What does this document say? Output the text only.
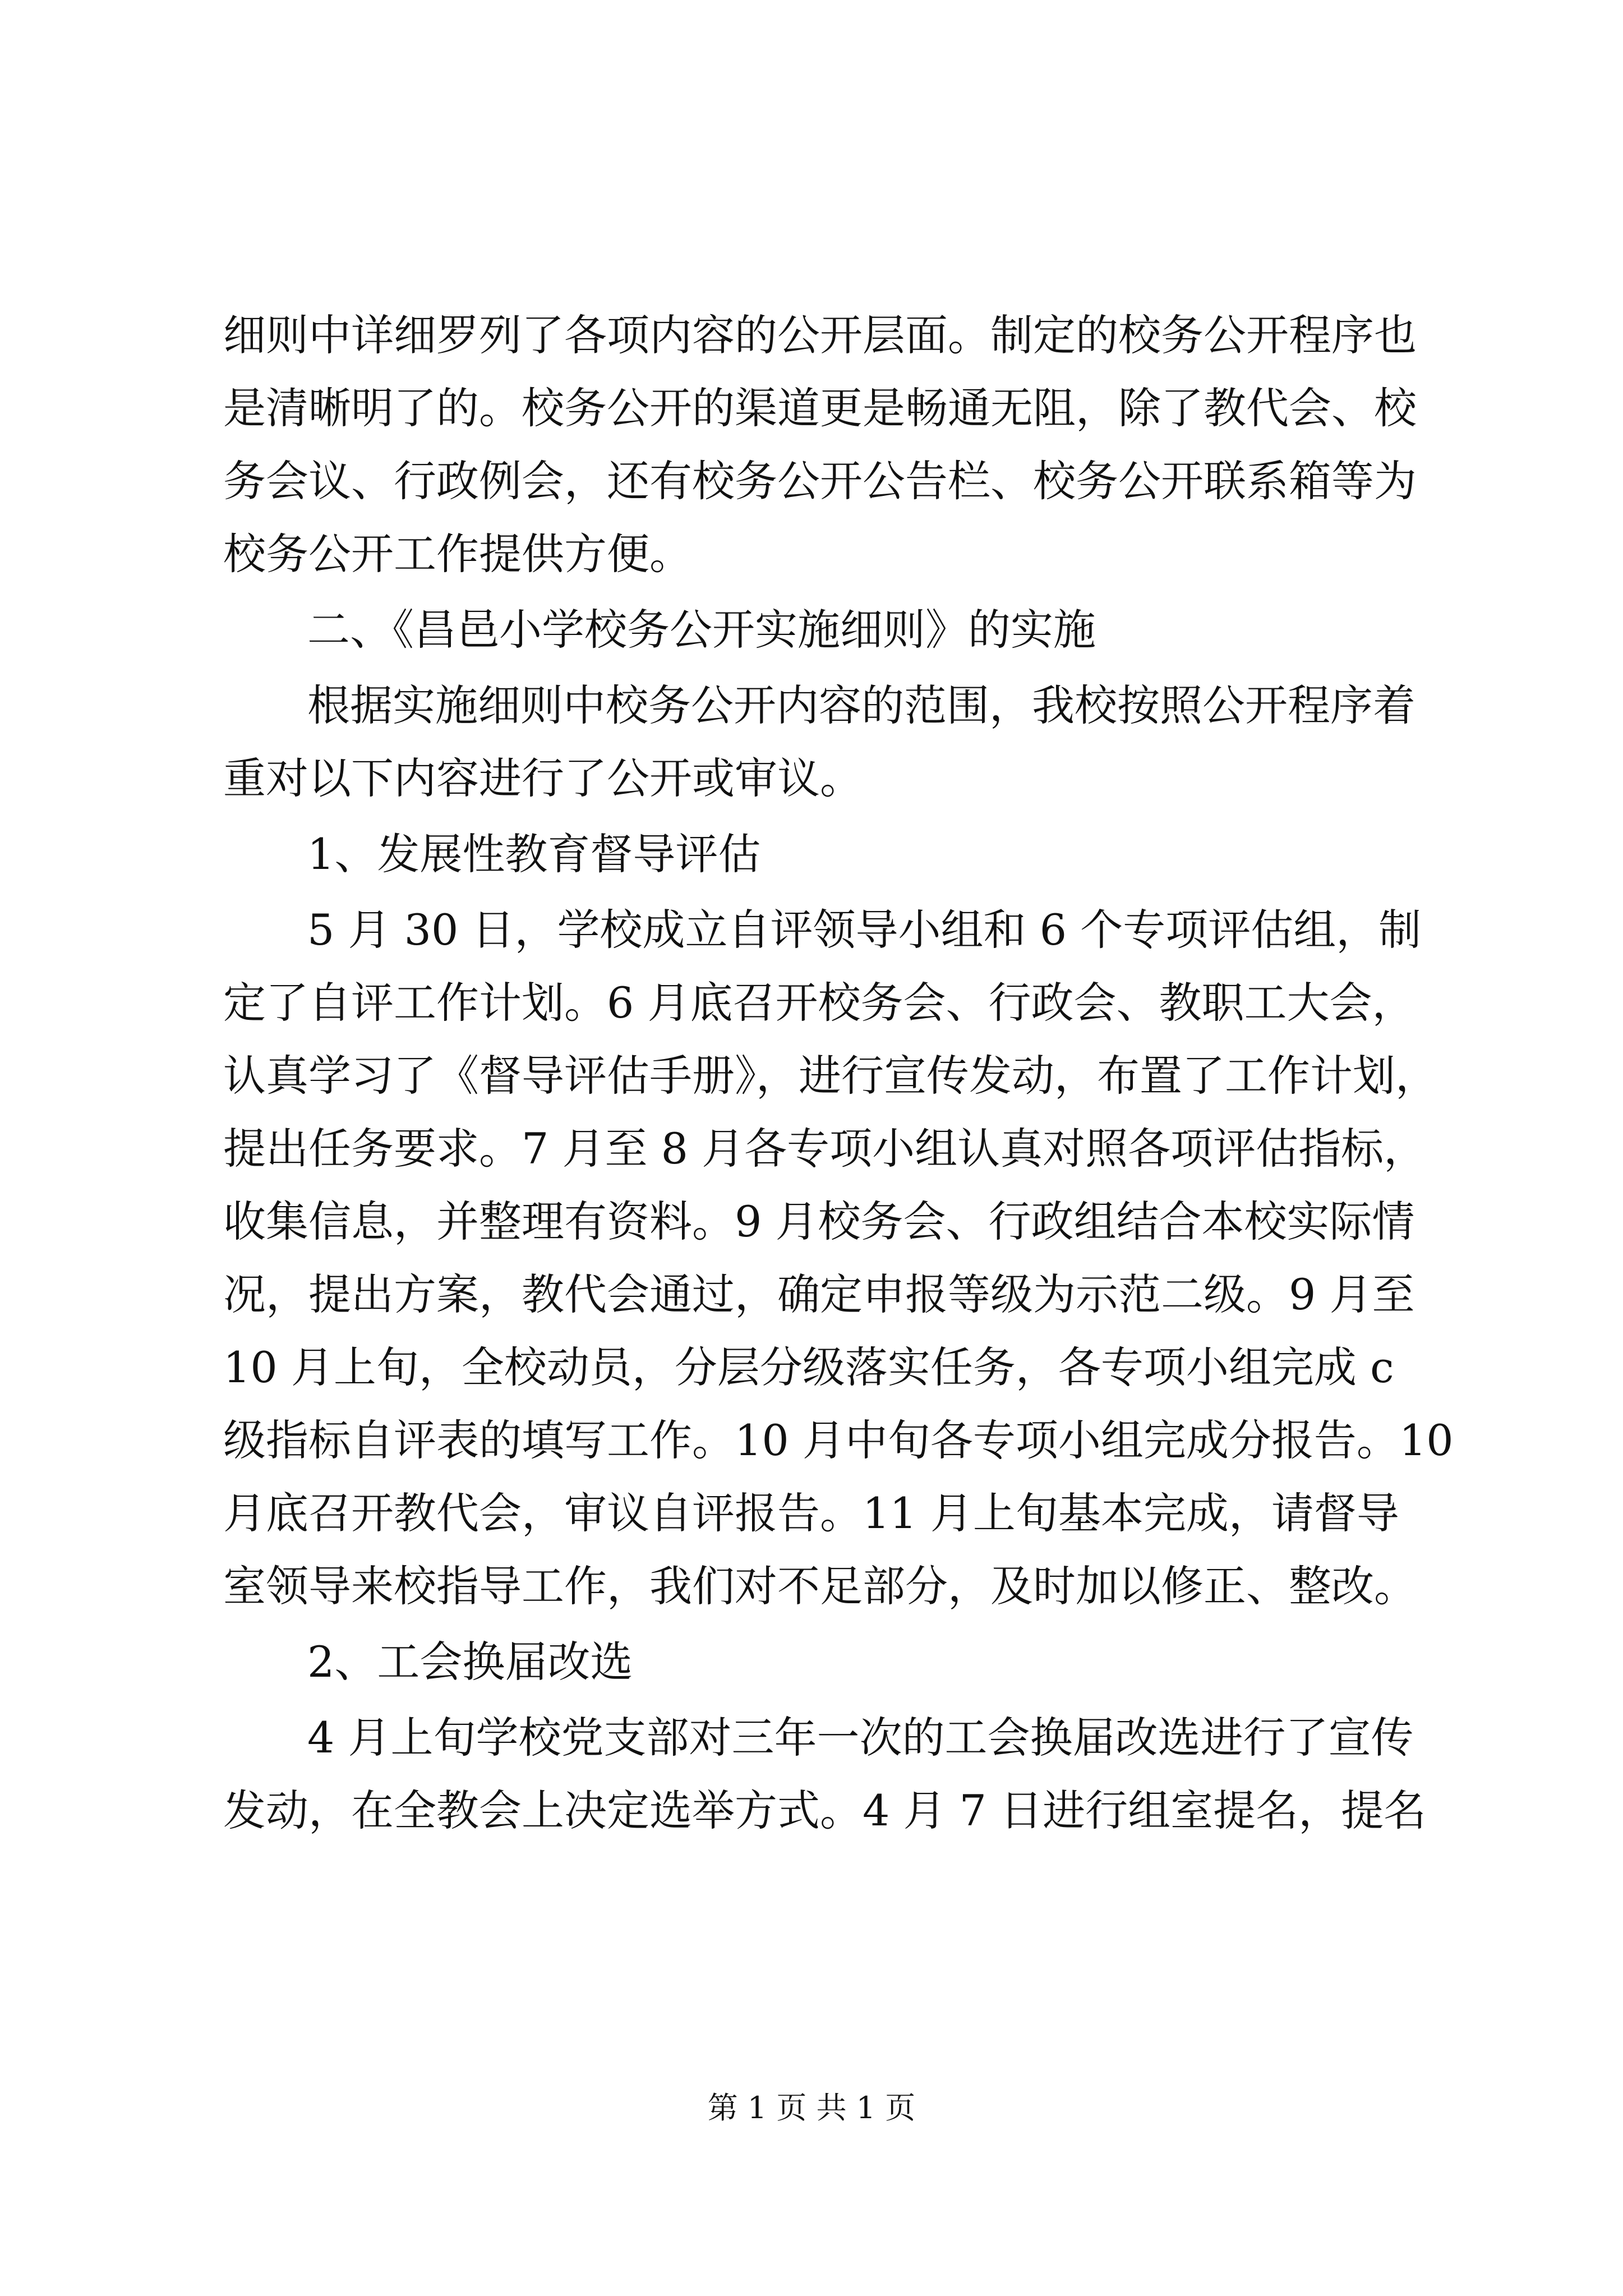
细则中详细罗列了各项内容的公开层面。制定的校务公开程序也
是清晰明了的。校务公开的渠道更是畅通无阻，除了教代会、校
务会议、行政例会，还有校务公开公告栏、校务公开联系箱等为
校务公开工作提供方便。
二、《昌邑小学校务公开实施细则》的实施
根据实施细则中校务公开内容的范围，我校按照公开程序着
重对以下内容进行了公开或审议。
1、发展性教育督导评估
5 月 30 日，学校成立自评领导小组和 6 个专项评估组，制
定了自评工作计划。6 月底召开校务会、行政会、教职工大会，
认真学习了《督导评估手册》，进行宣传发动，布置了工作计划，
提出任务要求。7 月至 8 月各专项小组认真对照各项评估指标，
收集信息，并整理有资料。9 月校务会、行政组结合本校实际情
况，提出方案，教代会通过，确定申报等级为示范二级。9 月至
10 月上旬，全校动员，分层分级落实任务，各专项小组完成 c
级指标自评表的填写工作。10 月中旬各专项小组完成分报告。10
月底召开教代会，审议自评报告。11 月上旬基本完成，请督导
室领导来校指导工作，我们对不足部分，及时加以修正、整改。
2、工会换届改选
4 月上旬学校党支部对三年一次的工会换届改选进行了宣传
发动，在全教会上决定选举方式。4 月 7 日进行组室提名，提名
第 1 页 共 1 页
